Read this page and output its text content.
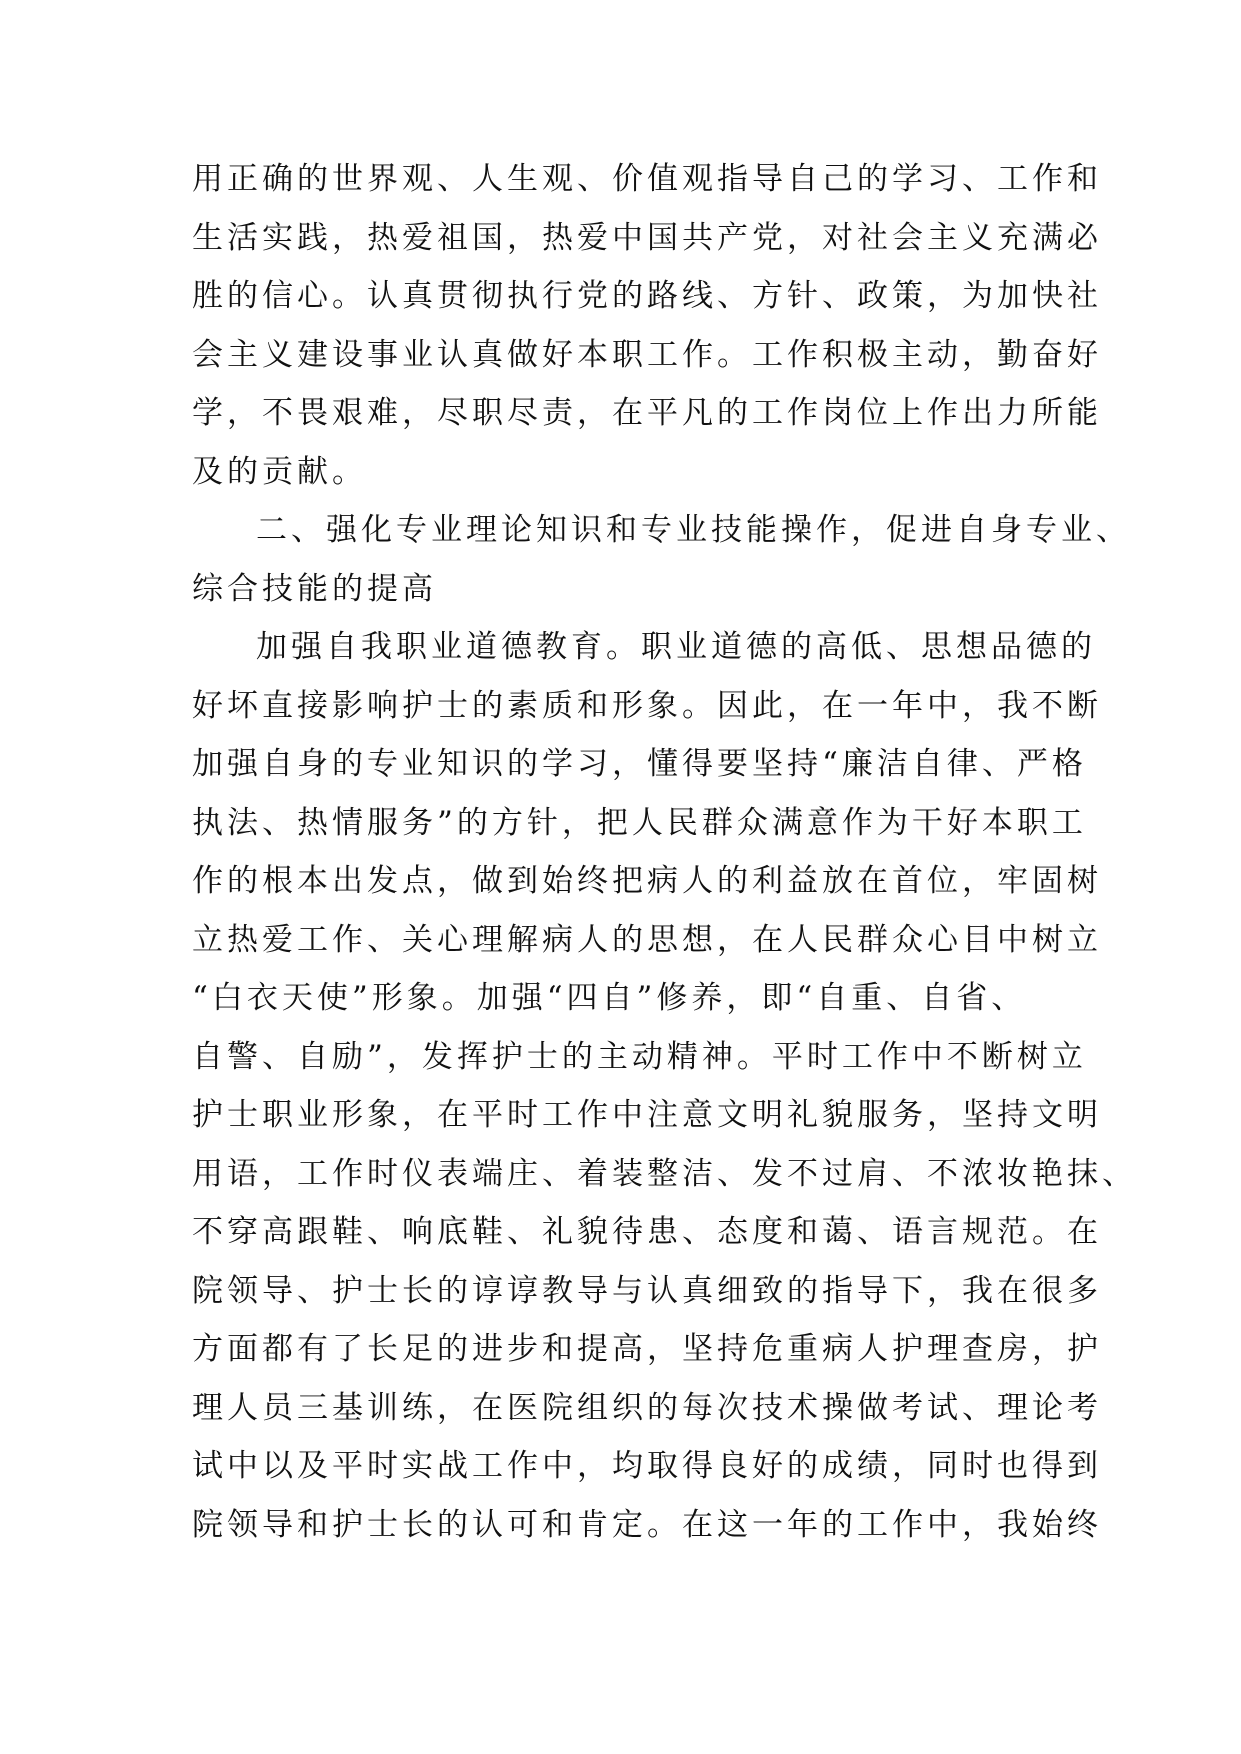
用正确的世界观、人生观、价值观指导自己的学习、工作和
生活实践，热爱祖国，热爱中国共产党，对社会主义充满必
胜的信心。认真贯彻执行党的路线、方针、政策，为加快社
会主义建设事业认真做好本职工作。工作积极主动，勤奋好
学，不畏艰难，尽职尽责，在平凡的工作岗位上作出力所能
及的贡献。
二、强化专业理论知识和专业技能操作，促进自身专业、
综合技能的提高
加强自我职业道德教育。职业道德的高低、思想品德的
好坏直接影响护士的素质和形象。因此，在一年中，我不断
加强自身的专业知识的学习，懂得要坚持“廉洁自律、严格
执法、热情服务”的方针，把人民群众满意作为干好本职工
作的根本出发点，做到始终把病人的利益放在首位，牢固树
立热爱工作、关心理解病人的思想，在人民群众心目中树立
“白衣天使”形象。加强“四自”修养，即“自重、自省、
自警、自励”，发挥护士的主动精神。平时工作中不断树立
护士职业形象，在平时工作中注意文明礼貌服务，坚持文明
用语，工作时仪表端庄、着装整洁、发不过肩、不浓妆艳抹、
不穿高跟鞋、响底鞋、礼貌待患、态度和蔼、语言规范。在
院领导、护士长的谆谆教导与认真细致的指导下，我在很多
方面都有了长足的进步和提高，坚持危重病人护理查房，护
理人员三基训练，在医院组织的每次技术操做考试、理论考
试中以及平时实战工作中，均取得良好的成绩，同时也得到
院领导和护士长的认可和肯定。在这一年的工作中，我始终
